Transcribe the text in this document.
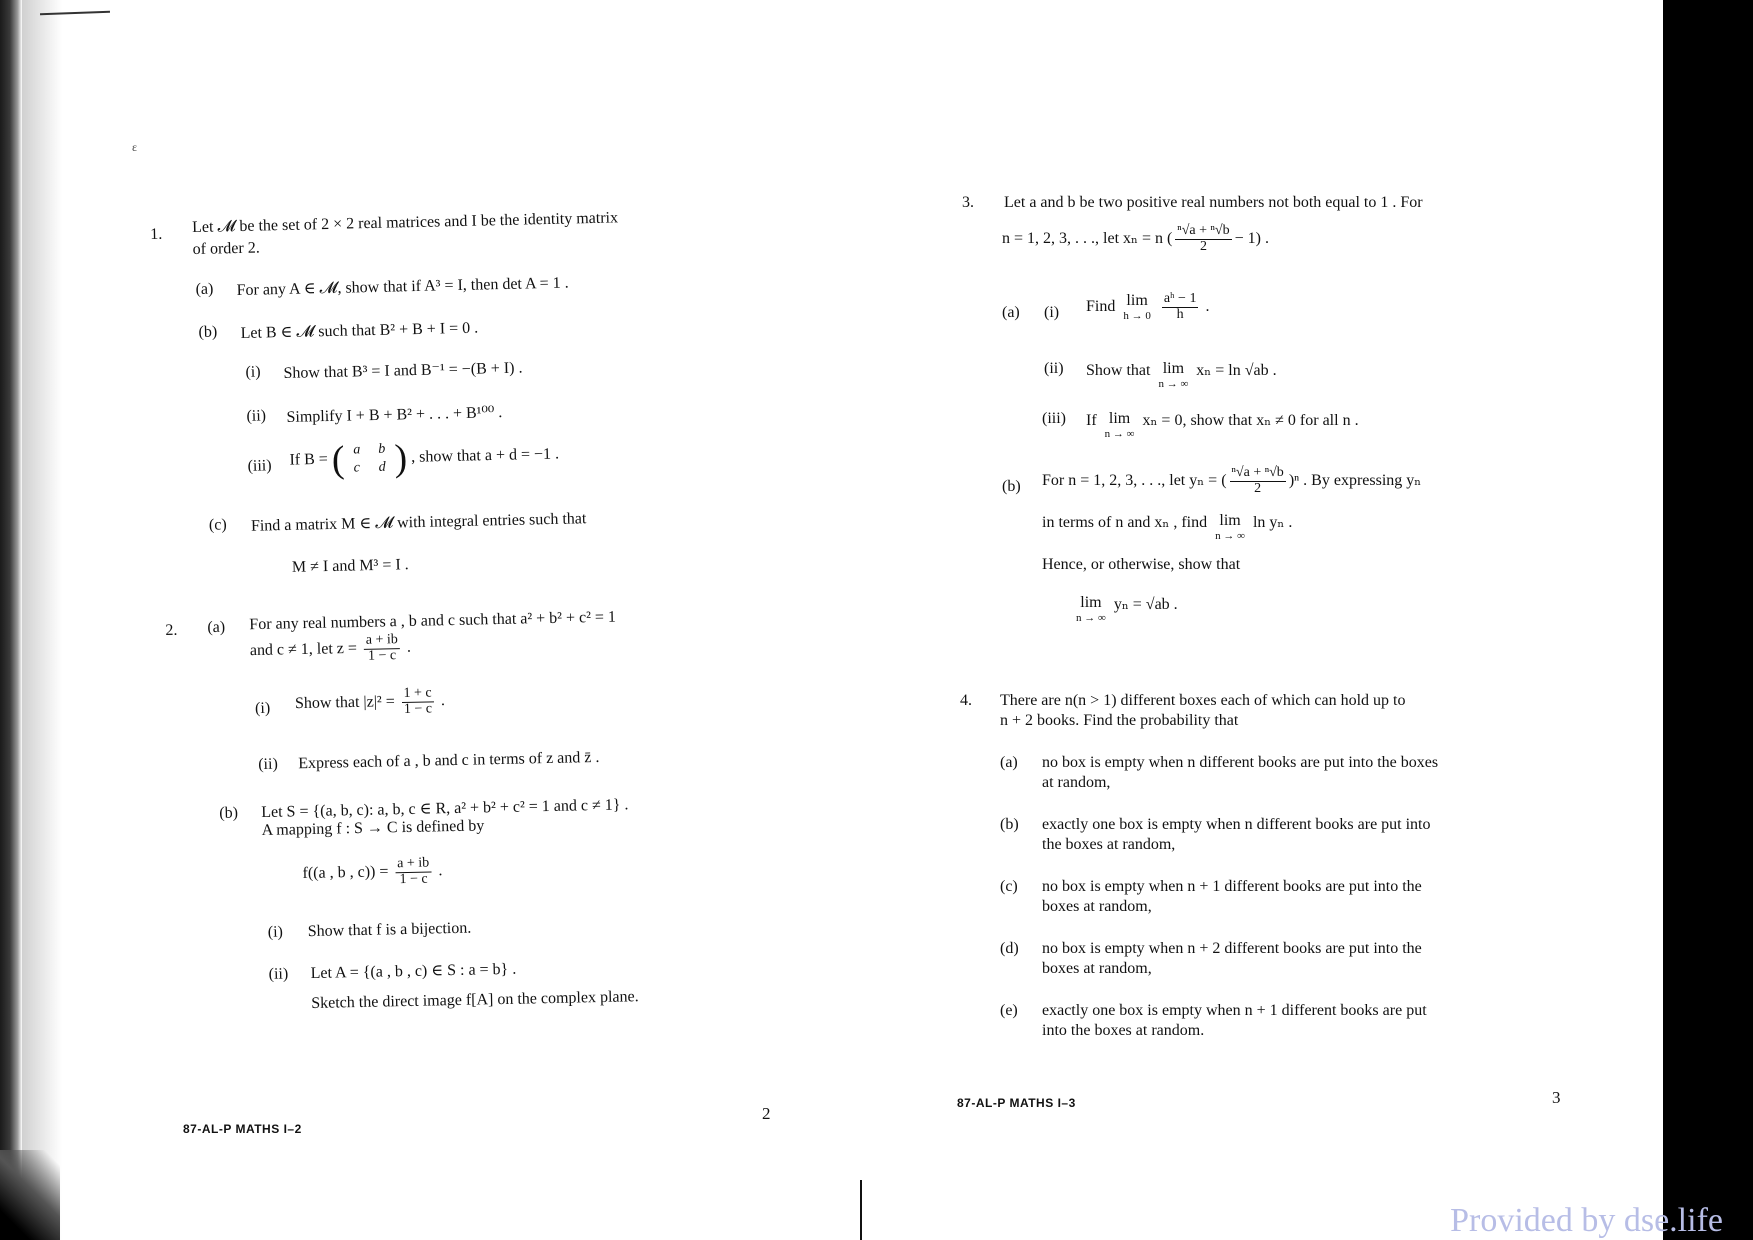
ɛ
1. Let 𝓜 be the set of 2 × 2 real matrices and I be the identity matrix
of order 2.
(a) For any A ∈ 𝓜, show that if A³ = I, then det A = 1 .
(b) Let B ∈ 𝓜 such that B² + B + I = 0 .
(i) Show that B³ = I and B⁻¹ = −(B + I) .
(ii) Simplify I + B + B² + . . . + B¹⁰⁰ .
(iii) If B = ( a	b
c	d ) , show that a + d = −1 .
(c) Find a matrix M ∈ 𝓜 with integral entries such that
M ≠ I and M³ = I .
2. (a) For any real numbers a , b and c such that a² + b² + c² = 1
and c ≠ 1, let $z = \frac{a + ib}{1 - c}$ .
(i) Show that $|z|^2 = \frac{1 + c}{1 - c}$ .
(ii) Express each of a , b and c in terms of z and z̄ .
(b) Let S = {(a, b, c): a, b, c ∈ R, a² + b² + c² = 1 and c ≠ 1} .
A mapping f : S → C is defined by
f((a , b , $c)) = \frac{a + ib}{1 - c}$ .
(i) Show that f is a bijection.
(ii) Let A = {(a , b , c) ∈ S : a = b} .
Sketch the direct image f[A] on the complex plane.
87-AL-P MATHS I–2
2
3. Let a and b be two positive real numbers not both equal to 1 . For
n = 1, 2, 3, . . ., let xₙ = n ( $\frac{\text{ⁿ√a + ⁿ√b}}{2} - 1$) .
(a) (i) Find lim
h → 0
$\frac{\text{aʰ − 1}}{h}$ .
(ii) Show that lim
n → ∞
xₙ = ln √ab .
(iii) If lim
n → ∞
xₙ = 0, show that xₙ ≠ 0 for all n .
(b) For n = 1, 2, 3, . . ., let yₙ = ( $\frac{\text{ⁿ√a + ⁿ√b}}{2} )^n$ . By expressing yₙ
in terms of n and xₙ , find lim
n → ∞
ln yₙ .
Hence, or otherwise, show that
lim
n → ∞
yₙ = √ab .
4. There are n(n > 1) different boxes each of which can hold up to
n + 2 books. Find the probability that
(a) no box is empty when n different books are put into the boxes
at random,
(b) exactly one box is empty when n different books are put into
the boxes at random,
(c) no box is empty when n + 1 different books are put into the
boxes at random,
(d) no box is empty when n + 2 different books are put into the
boxes at random,
(e) exactly one box is empty when n + 1 different books are put
into the boxes at random.
87-AL-P MATHS I–3	3
Provided by dse.life
